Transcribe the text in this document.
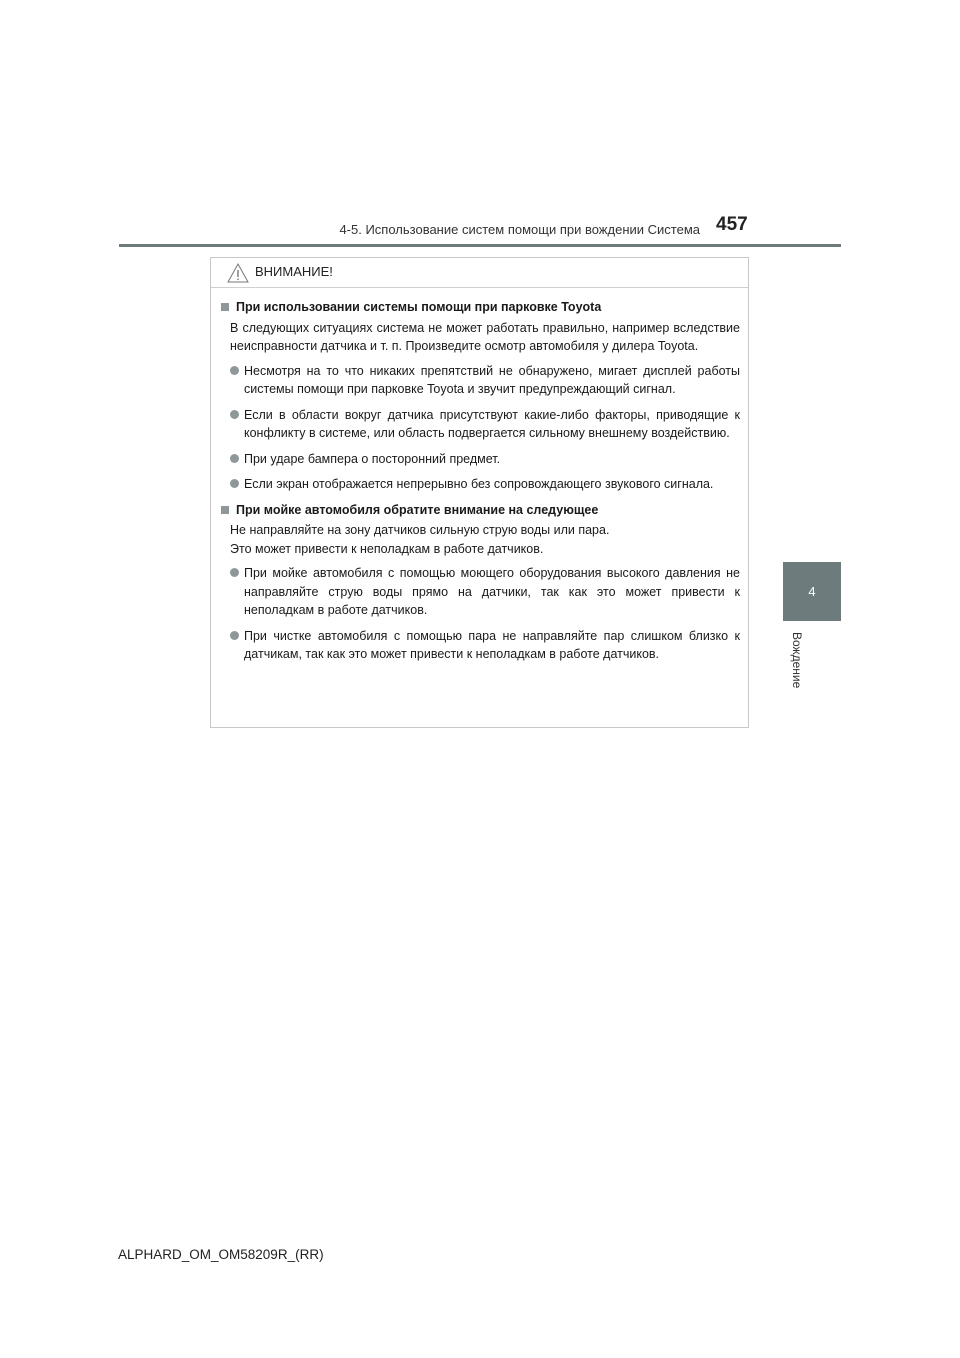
4-5. Использование систем помощи при вождении Система 457
4
Вождение
ВНИМАНИЕ!
При использовании системы помощи при парковке Toyota

В следующих ситуациях система не может работать правильно, например вследствие неисправности датчика и т. п. Произведите осмотр автомобиля у дилера Toyota.

Несмотря на то что никаких препятствий не обнаружено, мигает дисплей работы системы помощи при парковке Toyota и звучит предупреждающий сигнал.
Если в области вокруг датчика присутствуют какие-либо факторы, приводящие к конфликту в системе, или область подвергается сильному внешнему воздействию.
При ударе бампера о посторонний предмет.
Если экран отображается непрерывно без сопровождающего звукового сигнала.
При мойке автомобиля обратите внимание на следующее

Не направляйте на зону датчиков сильную струю воды или пара.

Это может привести к неполадкам в работе датчиков.

При мойке автомобиля с помощью моющего оборудования высокого давления не направляйте струю воды прямо на датчики, так как это может привести к неполадкам в работе датчиков.
При чистке автомобиля с помощью пара не направляйте пар слишком близко к датчикам, так как это может привести к неполадкам в работе датчиков.
ALPHARD_OM_OM58209R_(RR)
